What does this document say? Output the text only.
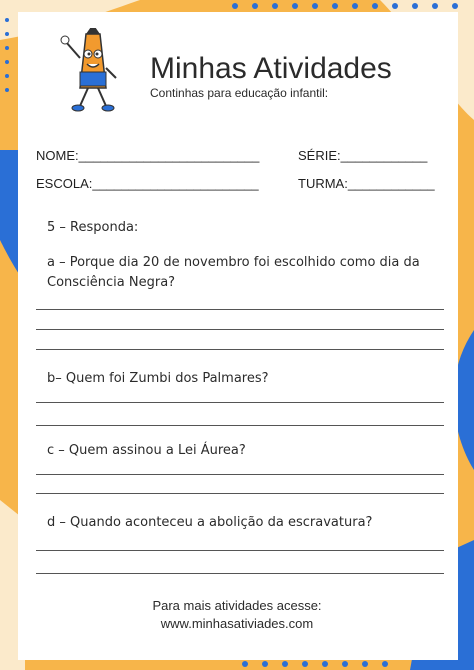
Minhas Atividades
Continhas para educação infantil:
NOME:_________________________	SÉRIE:____________
ESCOLA:_______________________	TURMA:____________
5 – Responda:
a – Porque dia 20 de novembro foi escolhido como dia da
Consciência Negra?
b– Quem foi Zumbi dos Palmares?
c – Quem assinou a Lei Áurea?
d – Quando aconteceu a abolição da escravatura?
Para mais atividades acesse:
www.minhasativiades.com
